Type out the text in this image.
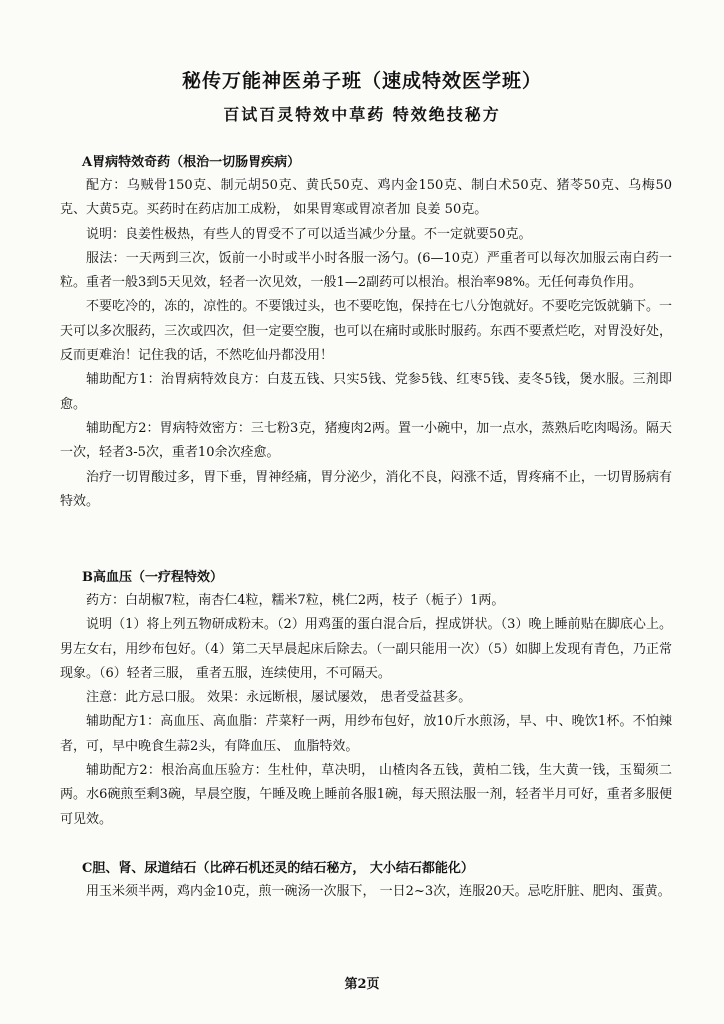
秘传万能神医弟子班（速成特效医学班）
百试百灵特效中草药 特效绝技秘方
A胃病特效奇药（根治一切肠胃疾病）

配方：乌贼骨150克、制元胡50克、黄氏50克、鸡内金150克、制白术50克、猪苓50克、乌梅50克、大黄5克。买药时在药店加工成粉， 如果胃寒或胃凉者加 良姜 50克。

说明：良姜性极热，有些人的胃受不了可以适当减少分量。不一定就要50克。

服法：一天两到三次，饭前一小时或半小时各服一汤勺。(6—10克）严重者可以每次加服云南白药一粒。重者一般3到5天见效，轻者一次见效，一般1—2副药可以根治。根治率98%。无任何毒负作用。

不要吃冷的，冻的，凉性的。不要饿过头，也不要吃饱，保持在七八分饱就好。不要吃完饭就躺下。一天可以多次服药，三次或四次，但一定要空腹，也可以在痛时或胀时服药。东西不要煮烂吃，对胃没好处，反而更难治！记住我的话，不然吃仙丹都没用！

辅助配方1：治胃病特效良方：白芨五钱、只实5钱、党参5钱、红枣5钱、麦冬5钱，煲水服。三剂即愈。

辅助配方2：胃病特效密方：三七粉3克，猪瘦肉2两。置一小碗中，加一点水，蒸熟后吃肉喝汤。隔天一次，轻者3-5次，重者10余次痊愈。

治疗一切胃酸过多，胃下垂，胃神经痛，胃分泌少，消化不良，闷涨不适，胃疼痛不止，一切胃肠病有特效。

B高血压（一疗程特效）

药方：白胡椒7粒，南杏仁4粒，糯米7粒，桃仁2两，枝子（栀子）1两。

说明（1）将上列五物研成粉末。（2）用鸡蛋的蛋白混合后，捏成饼状。（3）晚上睡前贴在脚底心上。男左女右，用纱布包好。（4）第二天早晨起床后除去。（一副只能用一次）（5）如脚上发现有青色，乃正常现象。（6）轻者三服， 重者五服，连续使用，不可隔天。

注意：此方忌口服。 效果：永远断根，屡试屡效， 患者受益甚多。

辅助配方1：高血压、高血脂：芹菜籽一两，用纱布包好，放10斤水煎汤，早、中、晚饮1杯。不怕辣者，可，早中晚食生蒜2头，有降血压、 血脂特效。

辅助配方2：根治高血压验方：生杜仲，草决明， 山楂肉各五钱，黄柏二钱，生大黄一钱，玉蜀须二两。水6碗煎至剩3碗，早晨空腹，午睡及晚上睡前各服1碗，每天照法服一剂，轻者半月可好，重者多服便可见效。

C胆、肾、尿道结石（比碎石机还灵的结石秘方， 大小结石都能化）

用玉米须半两，鸡内金10克，煎一碗汤一次服下， 一日2~3次，连服20天。忌吃肝脏、肥肉、蛋黄。

第2页
